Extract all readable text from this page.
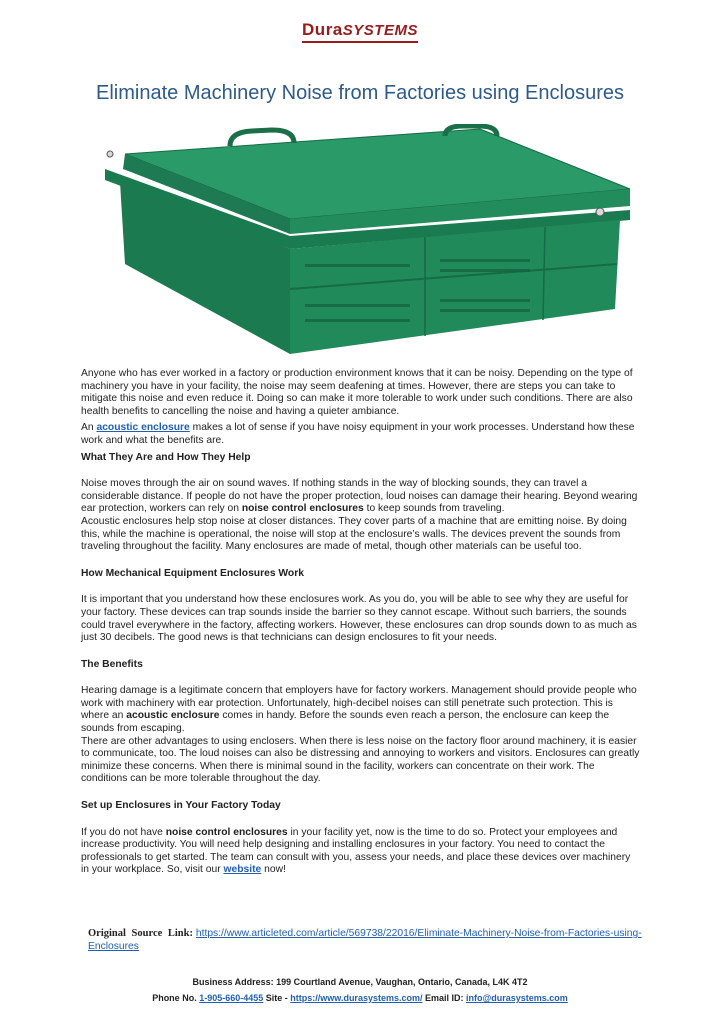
DuraSYSTEMS
Eliminate Machinery Noise from Factories using Enclosures

Anyone who has ever worked in a factory or production environment knows that it can be noisy. Depending on the type of machinery you have in your facility, the noise may seem deafening at times. However, there are steps you can take to mitigate this noise and even reduce it. Doing so can make it more tolerable to work under such conditions. There are also health benefits to cancelling the noise and having a quieter ambiance.

An acoustic enclosure makes a lot of sense if you have noisy equipment in your work processes. Understand how these work and what the benefits are.

What They Are and How They Help

Noise moves through the air on sound waves. If nothing stands in the way of blocking sounds, they can travel a considerable distance. If people do not have the proper protection, loud noises can damage their hearing. Beyond wearing ear protection, workers can rely on noise control enclosures to keep sounds from traveling.

Acoustic enclosures help stop noise at closer distances. They cover parts of a machine that are emitting noise. By doing this, while the machine is operational, the noise will stop at the enclosure’s walls. The devices prevent the sounds from traveling throughout the facility. Many enclosures are made of metal, though other materials can be useful too.

How Mechanical Equipment Enclosures Work

It is important that you understand how these enclosures work. As you do, you will be able to see why they are useful for your factory. These devices can trap sounds inside the barrier so they cannot escape. Without such barriers, the sounds could travel everywhere in the factory, affecting workers. However, these enclosures can drop sounds down to as much as just 30 decibels. The good news is that technicians can design enclosures to fit your needs.

The Benefits

Hearing damage is a legitimate concern that employers have for factory workers. Management should provide people who work with machinery with ear protection. Unfortunately, high-decibel noises can still penetrate such protection. This is where an acoustic enclosure comes in handy. Before the sounds even reach a person, the enclosure can keep the sounds from escaping.

There are other advantages to using enclosers. When there is less noise on the factory floor around machinery, it is easier to communicate, too. The loud noises can also be distressing and annoying to workers and visitors. Enclosures can greatly minimize these concerns. When there is minimal sound in the facility, workers can concentrate on their work. The conditions can be more tolerable throughout the day.

Set up Enclosures in Your Factory Today

If you do not have noise control enclosures in your facility yet, now is the time to do so. Protect your employees and increase productivity. You will need help designing and installing enclosures in your factory. You need to contact the professionals to get started. The team can consult with you, assess your needs, and place these devices over machinery in your workplace. So, visit our website now!

Original Source Link: https://www.articleted.com/article/569738/22016/Eliminate-Machinery-Noise-from-Factories-using-Enclosures
Business Address: 199 Courtland Avenue, Vaughan, Ontario, Canada, L4K 4T2
Phone No. 1-905-660-4455 Site - https://www.durasystems.com/ Email ID: info@durasystems.com
